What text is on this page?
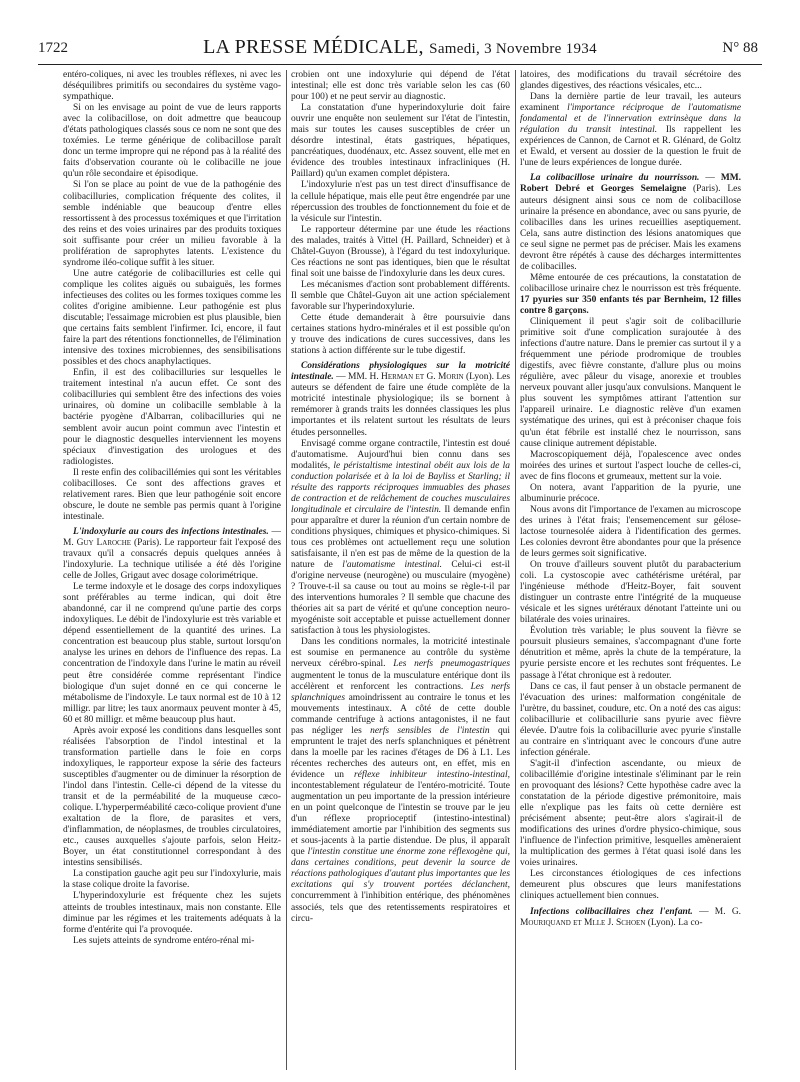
1722	LA PRESSE MÉDICALE, Samedi, 3 Novembre 1934	N° 88

entéro-coliques, ni avec les troubles réflexes, ni avec les déséquilibres primitifs ou secondaires du système vago-sympathique.

Si on les envisage au point de vue de leurs rapports avec la colibacillose, on doit admettre que beaucoup d'états pathologiques classés sous ce nom ne sont que des toxémies. Le terme générique de colibacillose paraît donc un terme impropre qui ne répond pas à la réalité des faits d'observation courante où le colibacille ne joue qu'un rôle secondaire et épisodique.

Si l'on se place au point de vue de la pathogénie des colibacilluries, complication fréquente des colites, il semble indéniable que beaucoup d'entre elles ressortissent à des processus toxémiques et que l'irritation des reins et des voies urinaires par des produits toxiques soit suffisante pour créer un milieu favorable à la prolifération de saprophytes latents. L'existence du syndrome iléo-colique suffit à les situer.

Une autre catégorie de colibacilluries est celle qui complique les colites aiguës ou subaiguës, les formes infectieuses des colites ou les formes toxiques comme les colites d'origine amibienne. Leur pathogénie est plus discutable; l'essaimage microbien est plus plausible, bien que certains faits semblent l'infirmer. Ici, encore, il faut faire la part des rétentions fonctionnelles, de l'élimination intensive des toxines microbiennes, des sensibilisations possibles et des chocs anaphylactiques.

Enfin, il est des colibacilluries sur lesquelles le traitement intestinal n'a aucun effet. Ce sont des colibacilluries qui semblent être des infections des voies urinaires, où domine un colibacille semblable à la bactérie pyogène d'Albarran, colibacilluries qui ne semblent avoir aucun point commun avec l'intestin et pour le diagnostic desquelles interviennent les moyens spéciaux d'investigation des urologues et des radiologistes.

Il reste enfin des colibacillémies qui sont les véritables colibacilloses. Ce sont des affections graves et relativement rares. Bien que leur pathogénie soit encore obscure, le doute ne semble pas permis quant à l'origine intestinale.

L'indoxylurie au cours des infections intestinales. — M. Guy Laroche (Paris). Le rapporteur fait l'exposé des travaux qu'il a consacrés depuis quelques années à l'indoxylurie. La technique utilisée a été dès l'origine celle de Jolles, Grigaut avec dosage colorimétrique.

Le terme indoxyle et le dosage des corps indoxyliques sont préférables au terme indican, qui doit être abandonné, car il ne comprend qu'une partie des corps indoxyliques. Le débit de l'indoxylurie est très variable et dépend essentiellement de la quantité des urines. La concentration est beaucoup plus stable, surtout lorsqu'on analyse les urines en dehors de l'influence des repas. La concentration de l'indoxyle dans l'urine le matin au réveil peut être considérée comme représentant l'indice biologique d'un sujet donné en ce qui concerne le métabolisme de l'indoxyle. Le taux normal est de 10 à 12 milligr. par litre; les taux anormaux peuvent monter à 45, 60 et 80 milligr. et même beaucoup plus haut.

Après avoir exposé les conditions dans lesquelles sont réalisées l'absorption de l'indol intestinal et la transformation partielle dans le foie en corps indoxyliques, le rapporteur expose la série des facteurs susceptibles d'augmenter ou de diminuer la résorption de l'indol dans l'intestin. Celle-ci dépend de la vitesse du transit et de la perméabilité de la muqueuse cæco-colique. L'hyperperméabilité cæco-colique provient d'une exaltation de la flore, de parasites et vers, d'inflammation, de néoplasmes, de troubles circulatoires, etc., causes auxquelles s'ajoute parfois, selon Heitz-Boyer, un état constitutionnel correspondant à des intestins sensibilisés.

La constipation gauche agit peu sur l'indoxylurie, mais la stase colique droite la favorise.

L'hyperindoxylurie est fréquente chez les sujets atteints de troubles intestinaux, mais non constante. Elle diminue par les régimes et les traitements adéquats à la forme d'entérite qui l'a provoquée.

Les sujets atteints de syndrome entéro-rénal mi-

crobien ont une indoxylurie qui dépend de l'état intestinal; elle est donc très variable selon les cas (60 pour 100) et ne peut servir au diagnostic.

La constatation d'une hyperindoxylurie doit faire ouvrir une enquête non seulement sur l'état de l'intestin, mais sur toutes les causes susceptibles de créer un désordre intestinal, états gastriques, hépatiques, pancréatiques, duodénaux, etc. Assez souvent, elle met en évidence des troubles intestinaux infracliniques (H. Paillard) qu'un examen complet dépistera.

L'indoxylurie n'est pas un test direct d'insuffisance de la cellule hépatique, mais elle peut être engendrée par une répercussion des troubles de fonctionnement du foie et de la vésicule sur l'intestin.

Le rapporteur détermine par une étude les réactions des malades, traités à Vittel (H. Paillard, Schneider) et à Châtel-Guyon (Brousse), à l'égard du test indoxylurique. Ces réactions ne sont pas identiques, bien que le résultat final soit une baisse de l'indoxylurie dans les deux cures.

Les mécanismes d'action sont probablement différents. Il semble que Châtel-Guyon ait une action spécialement favorable sur l'hyperindoxylurie.

Cette étude demanderait à être poursuivie dans certaines stations hydro-minérales et il est possible qu'on y trouve des indications de cures successives, dans les stations à action différente sur le tube digestif.

Considérations physiologiques sur la motricité intestinale. — MM. H. Herman et G. Morin (Lyon). Les auteurs se défendent de faire une étude complète de la motricité intestinale physiologique; ils se bornent à remémorer à grands traits les données classiques les plus importantes et ils relatent surtout les résultats de leurs études personnelles.

Envisagé comme organe contractile, l'intestin est doué d'automatisme. Aujourd'hui bien connu dans ses modalités, le péristaltisme intestinal obéit aux lois de la conduction polarisée et à la loi de Bayliss et Starling; il résulte des rapports réciproques immuables des phases de contraction et de relâchement de couches musculaires longitudinale et circulaire de l'intestin. Il demande enfin pour apparaître et durer la réunion d'un certain nombre de conditions physiques, chimiques et physico-chimiques. Si tous ces problèmes ont actuellement reçu une solution satisfaisante, il n'en est pas de même de la question de la nature de l'automatisme intestinal. Celui-ci est-il d'origine nerveuse (neurogène) ou musculaire (myogène) ? Trouve-t-il sa cause ou tout au moins se règle-t-il par des interventions humorales ? Il semble que chacune des théories ait sa part de vérité et qu'une conception neuro-myogéniste soit acceptable et puisse actuellement donner satisfaction à tous les physiologistes.

Dans les conditions normales, la motricité intestinale est soumise en permanence au contrôle du système nerveux cérébro-spinal. Les nerfs pneumogastriques augmentent le tonus de la musculature entérique dont ils accélèrent et renforcent les contractions. Les nerfs splanchniques amoindrissent au contraire le tonus et les mouvements intestinaux. A côté de cette double commande centrifuge à actions antagonistes, il ne faut pas négliger les nerfs sensibles de l'intestin qui empruntent le trajet des nerfs splanchniques et pénètrent dans la moelle par les racines d'étages de D6 à L1. Les récentes recherches des auteurs ont, en effet, mis en évidence un réflexe inhibiteur intestino-intestinal, incontestablement régulateur de l'entéro-motricité. Toute augmentation un peu importante de la pression intérieure en un point quelconque de l'intestin se trouve par le jeu d'un réflexe proprioceptif (intestino-intestinal) immédiatement amortie par l'inhibition des segments sus et sous-jacents à la partie distendue. De plus, il apparaît que l'intestin constitue une énorme zone réflexogène qui, dans certaines conditions, peut devenir la source de réactions pathologiques d'autant plus importantes que les excitations qui s'y trouvent portées déclanchent, concurremment à l'inhibition entérique, des phénomènes associés, tels que des retentissements respiratoires et circu-

latoires, des modifications du travail sécrétoire des glandes digestives, des réactions vésicales, etc...

Dans la dernière partie de leur travail, les auteurs examinent l'importance réciproque de l'automatisme fondamental et de l'innervation extrinsèque dans la régulation du transit intestinal. Ils rappellent les expériences de Cannon, de Carnot et R. Glénard, de Goltz et Ewald, et versent au dossier de la question le fruit de l'une de leurs expériences de longue durée.

La colibacillose urinaire du nourrisson. — MM. Robert Debré et Georges Semelaigne (Paris). Les auteurs désignent ainsi sous ce nom de colibacillose urinaire la présence en abondance, avec ou sans pyurie, de colibacilles dans les urines recueillies aseptiquement. Cela, sans autre distinction des lésions anatomiques que ce seul signe ne permet pas de préciser. Mais les examens devront être répétés à cause des décharges intermittentes de colibacilles.

Même entourée de ces précautions, la constatation de colibacillose urinaire chez le nourrisson est très fréquente. 17 pyuries sur 350 enfants tés par Bernheim, 12 filles contre 8 garçons.

Cliniquement il peut s'agir soit de colibacillurie primitive soit d'une complication surajoutée à des infections d'autre nature. Dans le premier cas surtout il y a fréquemment une période prodromique de troubles digestifs, avec fièvre constante, d'allure plus ou moins régulière, avec pâleur du visage, anorexie et troubles nerveux pouvant aller jusqu'aux convulsions. Manquent le plus souvent les symptômes attirant l'attention sur l'appareil urinaire. Le diagnostic relève d'un examen systématique des urines, qui est à préconiser chaque fois qu'un état fébrile est installé chez le nourrisson, sans cause clinique autrement dépistable.

Macroscopiquement déjà, l'opalescence avec ondes moirées des urines et surtout l'aspect louche de celles-ci, avec de fins flocons et grumeaux, mettent sur la voie.

On notera, avant l'apparition de la pyurie, une albuminurie précoce.

Nous avons dit l'importance de l'examen au microscope des urines à l'état frais; l'ensemencement sur gélose-lactose tournesolée aidera à l'identification des germes. Les colonies devront être abondantes pour que la présence de leurs germes soit significative.

On trouve d'ailleurs souvent plutôt du parabacterium coli. La cystoscopie avec cathétérisme urétéral, par l'ingénieuse méthode d'Heitz-Boyer, fait souvent distinguer un contraste entre l'intégrité de la muqueuse vésicale et les signes urétéraux dénotant l'atteinte uni ou bilatérale des voies urinaires.

Évolution très variable; le plus souvent la fièvre se poursuit plusieurs semaines, s'accompagnant d'une forte dénutrition et même, après la chute de la température, la pyurie persiste encore et les rechutes sont fréquentes. Le passage à l'état chronique est à redouter.

Dans ce cas, il faut penser à un obstacle permanent de l'évacuation des urines: malformation congénitale de l'urètre, du bassinet, coudure, etc. On a noté des cas aigus: colibacillurie et colibacillurie sans pyurie avec fièvre élevée. D'autre fois la colibacillurie avec pyurie s'installe au contraire en s'intriquant avec le concours d'une autre infection générale.

S'agit-il d'infection ascendante, ou mieux de colibacillémie d'origine intestinale s'éliminant par le rein en provoquant des lésions? Cette hypothèse cadre avec la constatation de la période digestive prémonitoire, mais elle n'explique pas les faits où cette dernière est précisément absente; peut-être alors s'agirait-il de modifications des urines d'ordre physico-chimique, sous l'influence de l'infection primitive, lesquelles amèneraient la multiplication des germes à l'état quasi isolé dans les voies urinaires.

Les circonstances étiologiques de ces infections demeurent plus obscures que leurs manifestations cliniques actuellement bien connues.

Infections colibacillaires chez l'enfant. — M. G. Mouriquand et Mlle J. Schoen (Lyon). La co-
